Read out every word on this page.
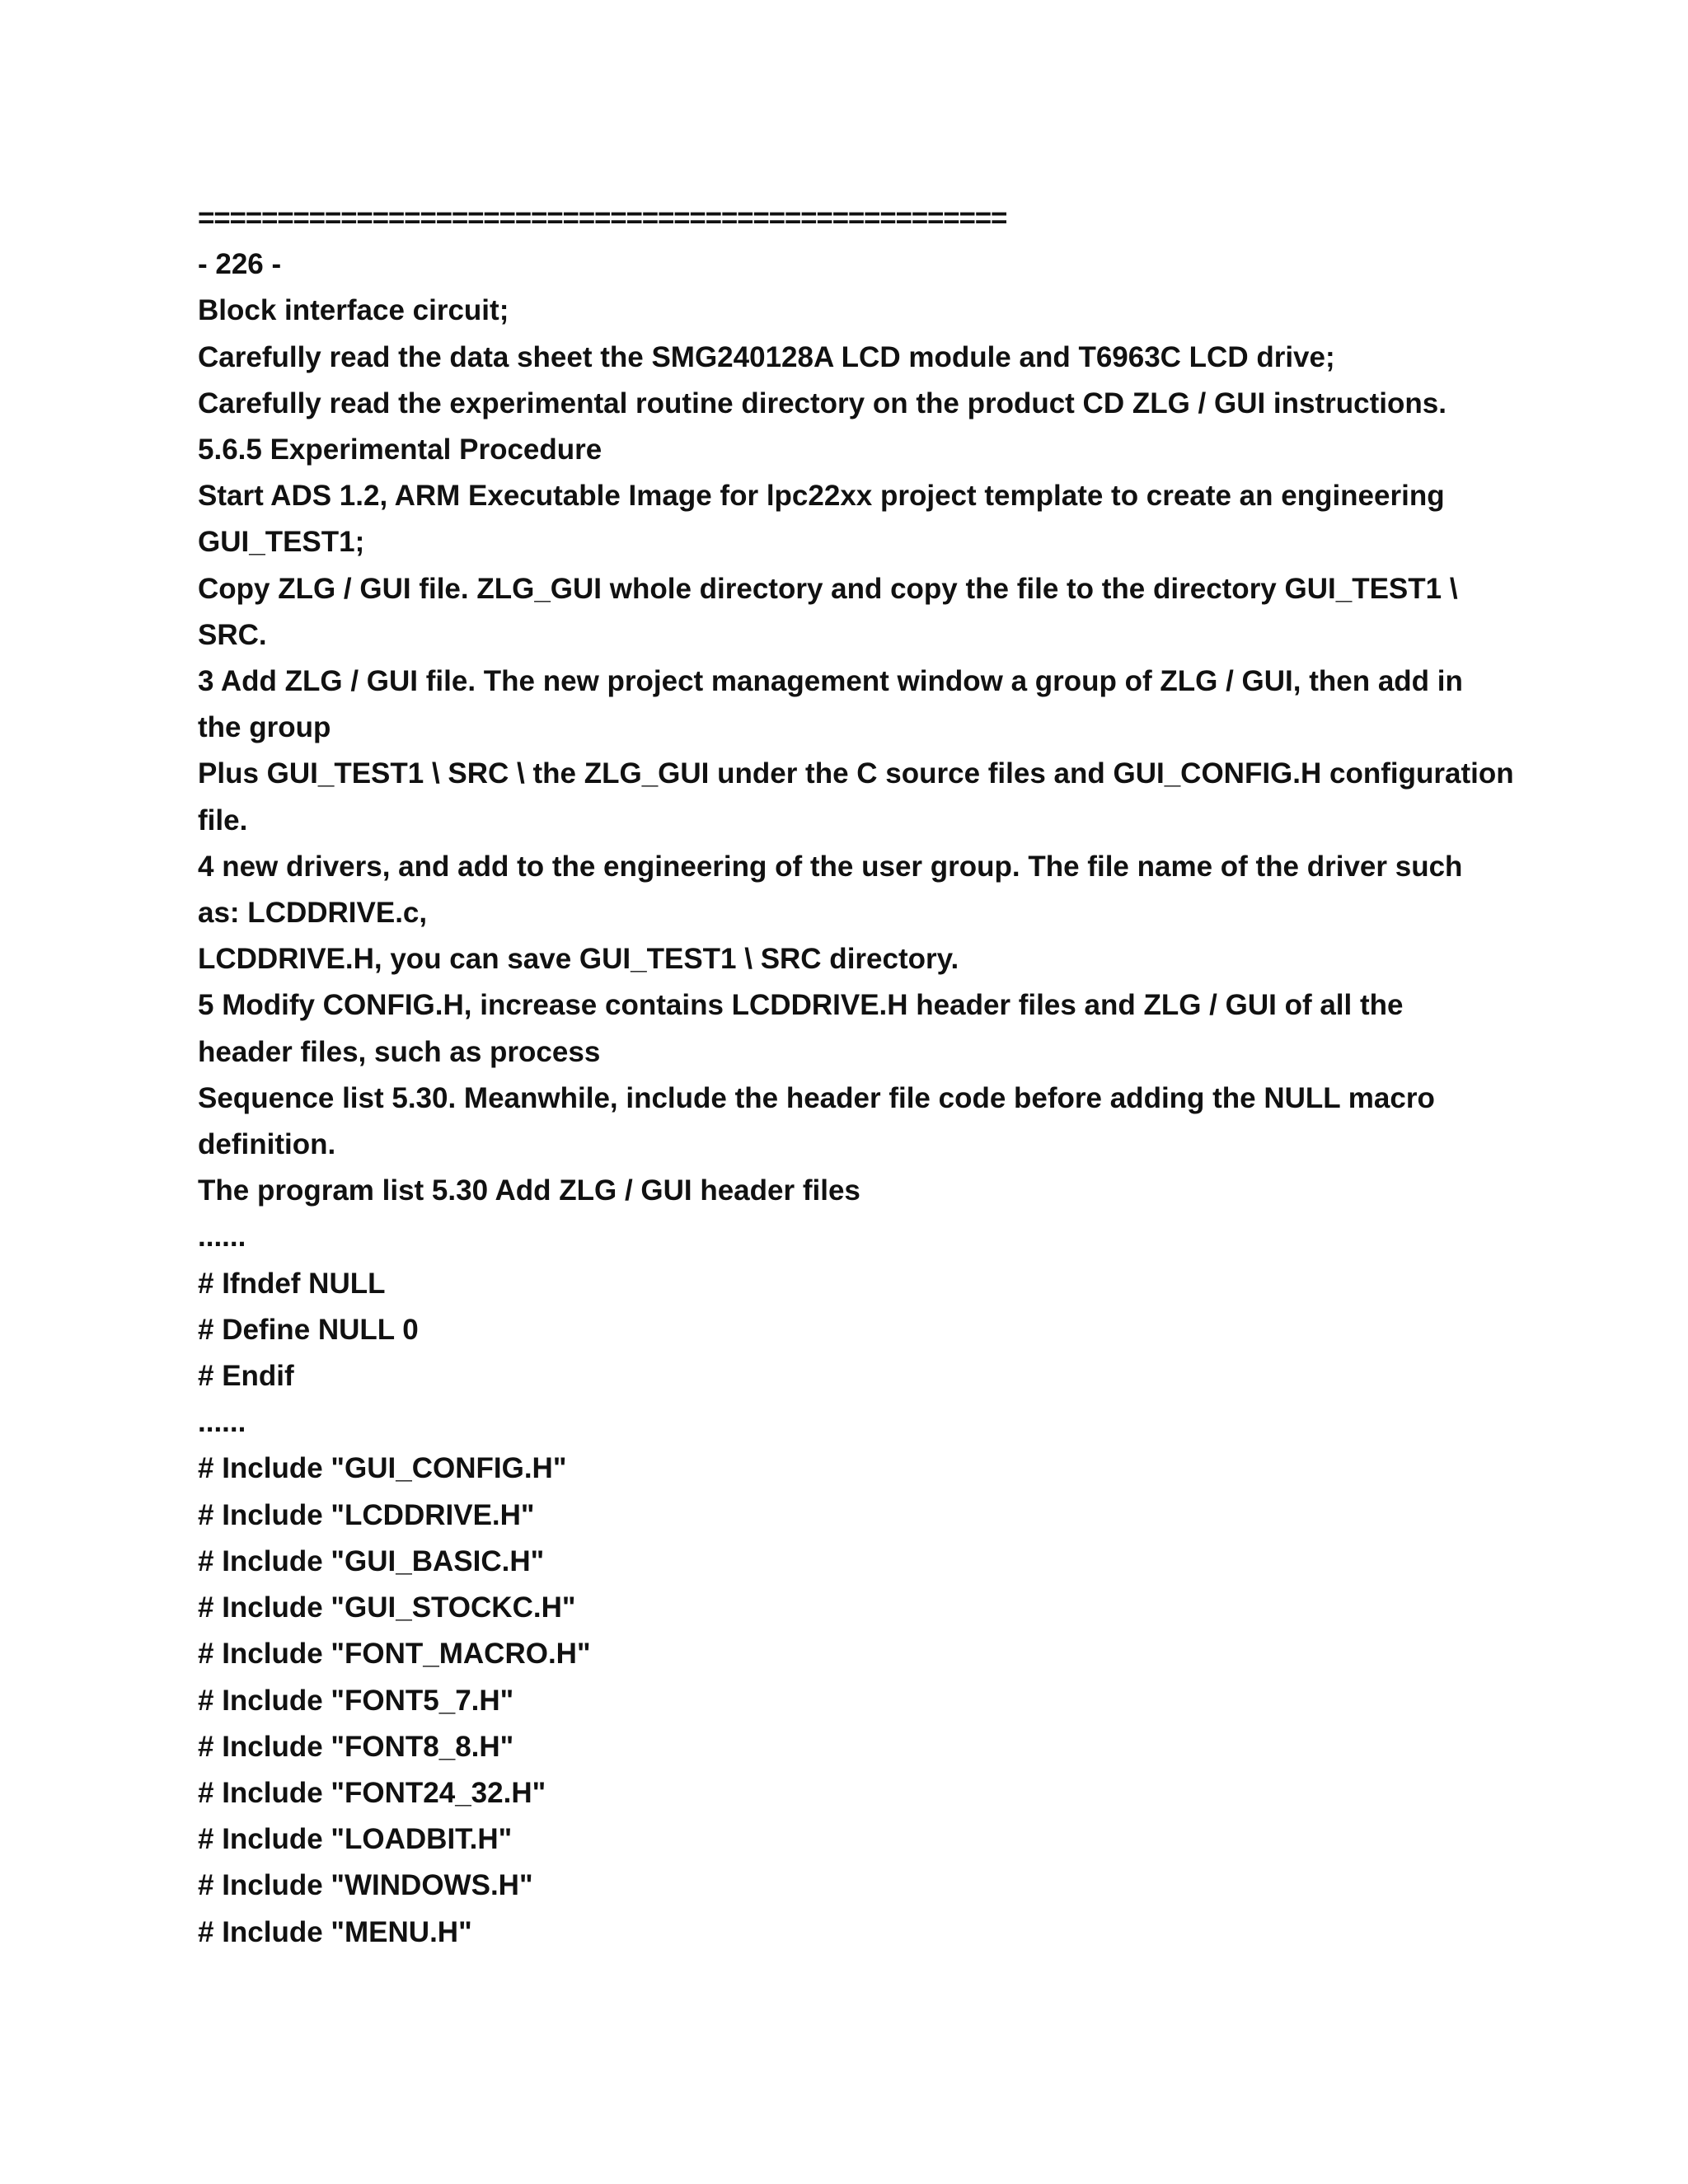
===================================================
- 226 -
Block interface circuit;
Carefully read the data sheet the SMG240128A LCD module and T6963C LCD drive;
Carefully read the experimental routine directory on the product CD ZLG / GUI instructions.
5.6.5 Experimental Procedure
Start ADS 1.2, ARM Executable Image for lpc22xx project template to create an engineering
GUI_TEST1;
Copy ZLG / GUI file. ZLG_GUI whole directory and copy the file to the directory GUI_TEST1 \
SRC.
3 Add ZLG / GUI file. The new project management window a group of ZLG / GUI, then add in
the group
Plus GUI_TEST1 \ SRC \ the ZLG_GUI under the C source files and GUI_CONFIG.H configuration
file.
4 new drivers, and add to the engineering of the user group. The file name of the driver such
as: LCDDRIVE.c,
LCDDRIVE.H, you can save GUI_TEST1 \ SRC directory.
5 Modify CONFIG.H, increase contains LCDDRIVE.H header files and ZLG / GUI of all the
header files, such as process
Sequence list 5.30. Meanwhile, include the header file code before adding the NULL macro
definition.
The program list 5.30 Add ZLG / GUI header files
......
# Ifndef NULL
# Define NULL 0
# Endif
......
# Include "GUI_CONFIG.H"
# Include "LCDDRIVE.H"
# Include "GUI_BASIC.H"
# Include "GUI_STOCKC.H"
# Include "FONT_MACRO.H"
# Include "FONT5_7.H"
# Include "FONT8_8.H"
# Include "FONT24_32.H"
# Include "LOADBIT.H"
# Include "WINDOWS.H"
# Include "MENU.H"
